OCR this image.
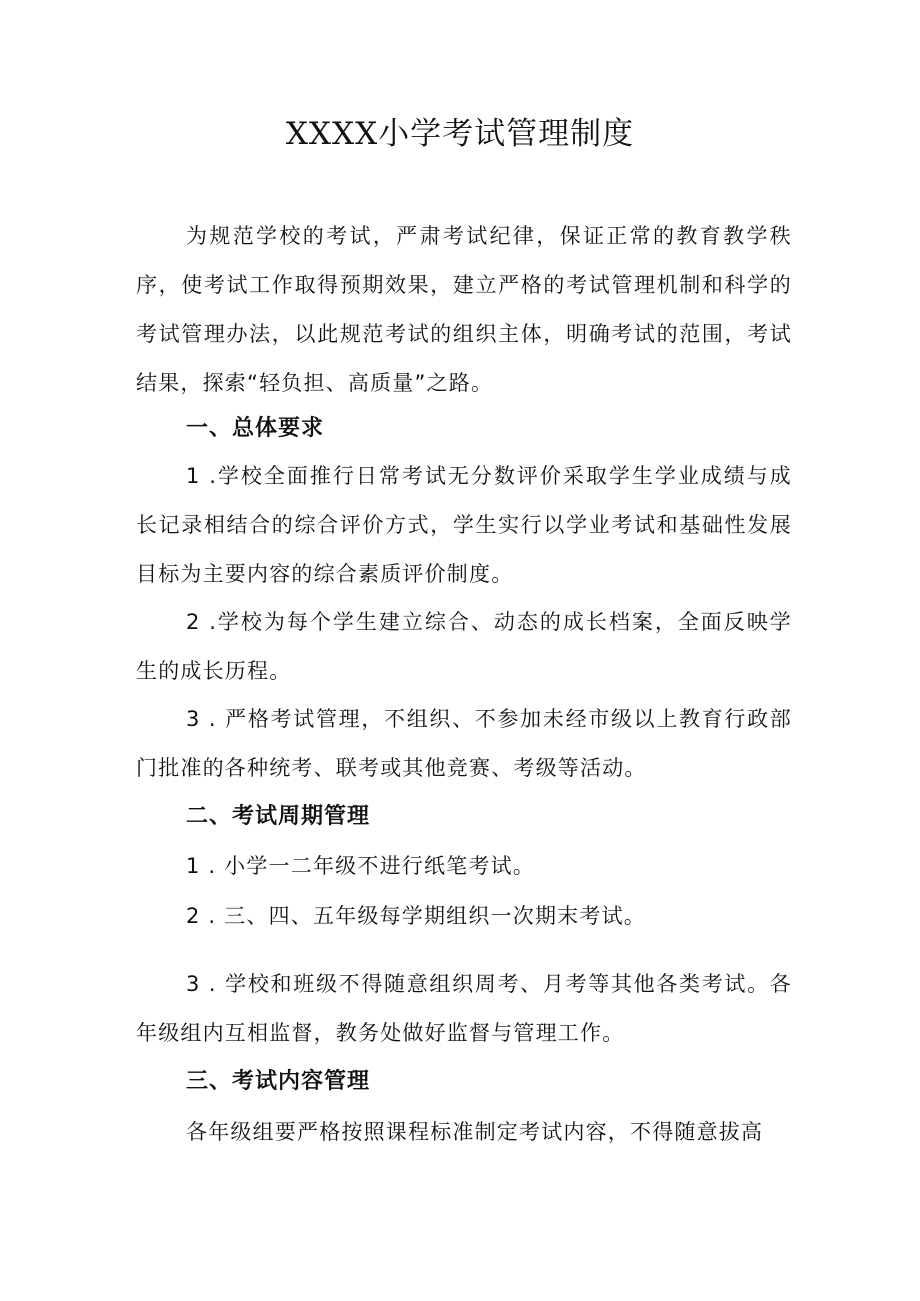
XXXX小学考试管理制度

为规范学校的考试，严肃考试纪律，保证正常的教育教学秩序，使考试工作取得预期效果，建立严格的考试管理机制和科学的考试管理办法，以此规范考试的组织主体，明确考试的范围，考试结果，探索“轻负担、高质量”之路。

一、总体要求

1 .学校全面推行日常考试无分数评价采取学生学业成绩与成长记录相结合的综合评价方式，学生实行以学业考试和基础性发展目标为主要内容的综合素质评价制度。

2 .学校为每个学生建立综合、动态的成长档案，全面反映学生的成长历程。

3 . 严格考试管理，不组织、不参加未经市级以上教育行政部门批准的各种统考、联考或其他竞赛、考级等活动。

二、考试周期管理

1 . 小学一二年级不进行纸笔考试。

2 . 三、四、五年级每学期组织一次期末考试。

3 . 学校和班级不得随意组织周考、月考等其他各类考试。各年级组内互相监督，教务处做好监督与管理工作。

三、考试内容管理

各年级组要严格按照课程标准制定考试内容，不得随意拔高
